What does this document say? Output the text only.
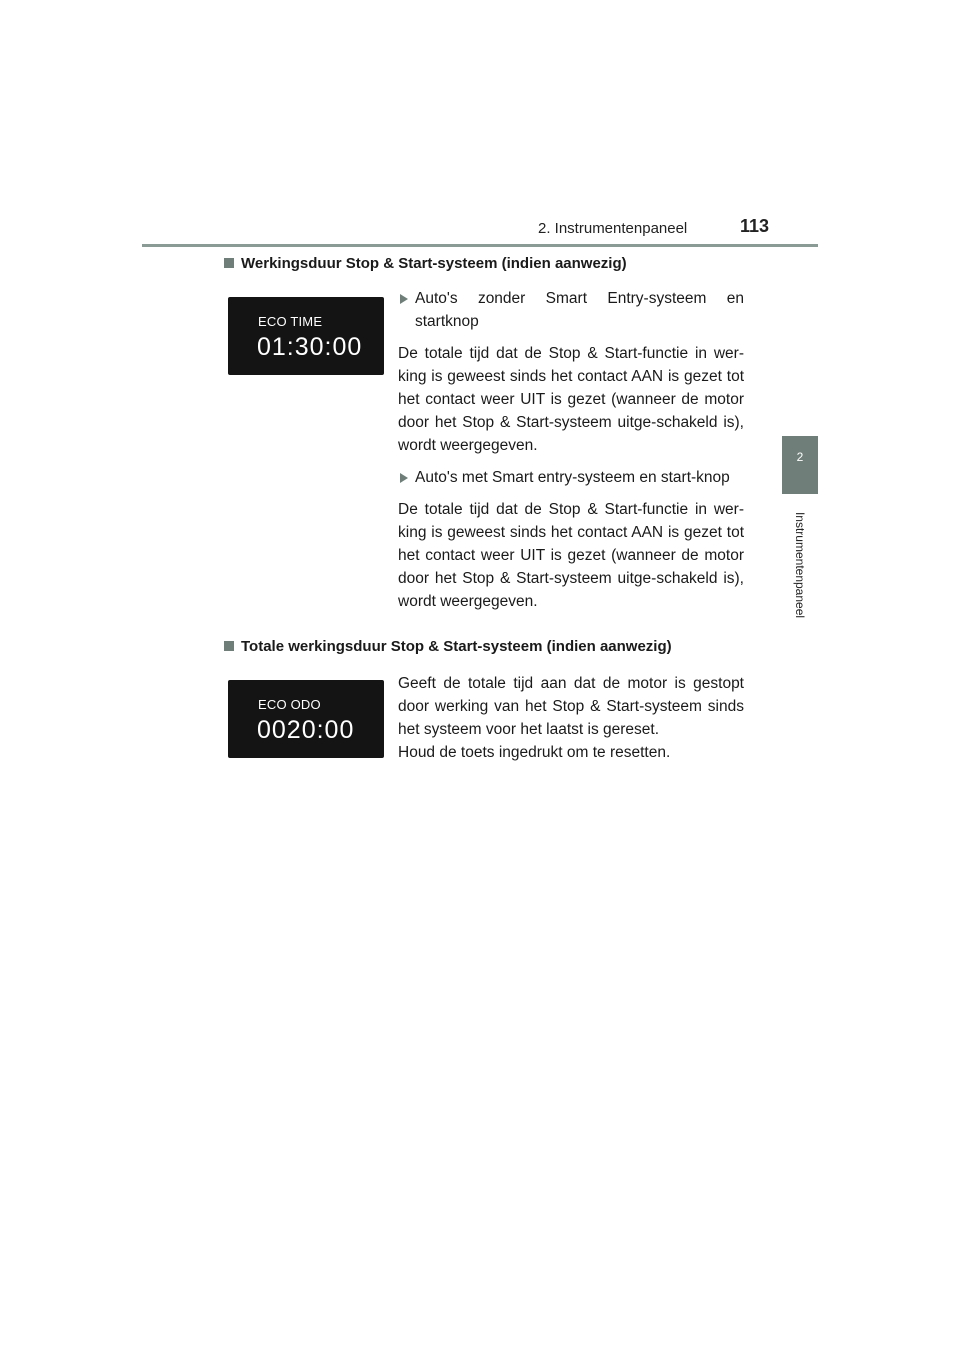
2. Instrumentenpaneel	113
2
Instrumentenpaneel
Werkingsduur Stop & Start-systeem (indien aanwezig)
ECO TIME
01:30:00
Auto's zonder Smart Entry-systeem en startknop

De totale tijd dat de Stop & Start-functie in wer-king is geweest sinds het contact AAN is gezet tot het contact weer UIT is gezet (wanneer de motor door het Stop & Start-systeem uitge-schakeld is), wordt weergegeven.

Auto's met Smart entry-systeem en start-knop

De totale tijd dat de Stop & Start-functie in wer-king is geweest sinds het contact AAN is gezet tot het contact weer UIT is gezet (wanneer de motor door het Stop & Start-systeem uitge-schakeld is), wordt weergegeven.

Totale werkingsduur Stop & Start-systeem (indien aanwezig)
ECO ODO
0020:00

Geeft de totale tijd aan dat de motor is gestopt door werking van het Stop & Start-systeem sinds het systeem voor het laatst is gereset.

Houd de toets ingedrukt om te resetten.
